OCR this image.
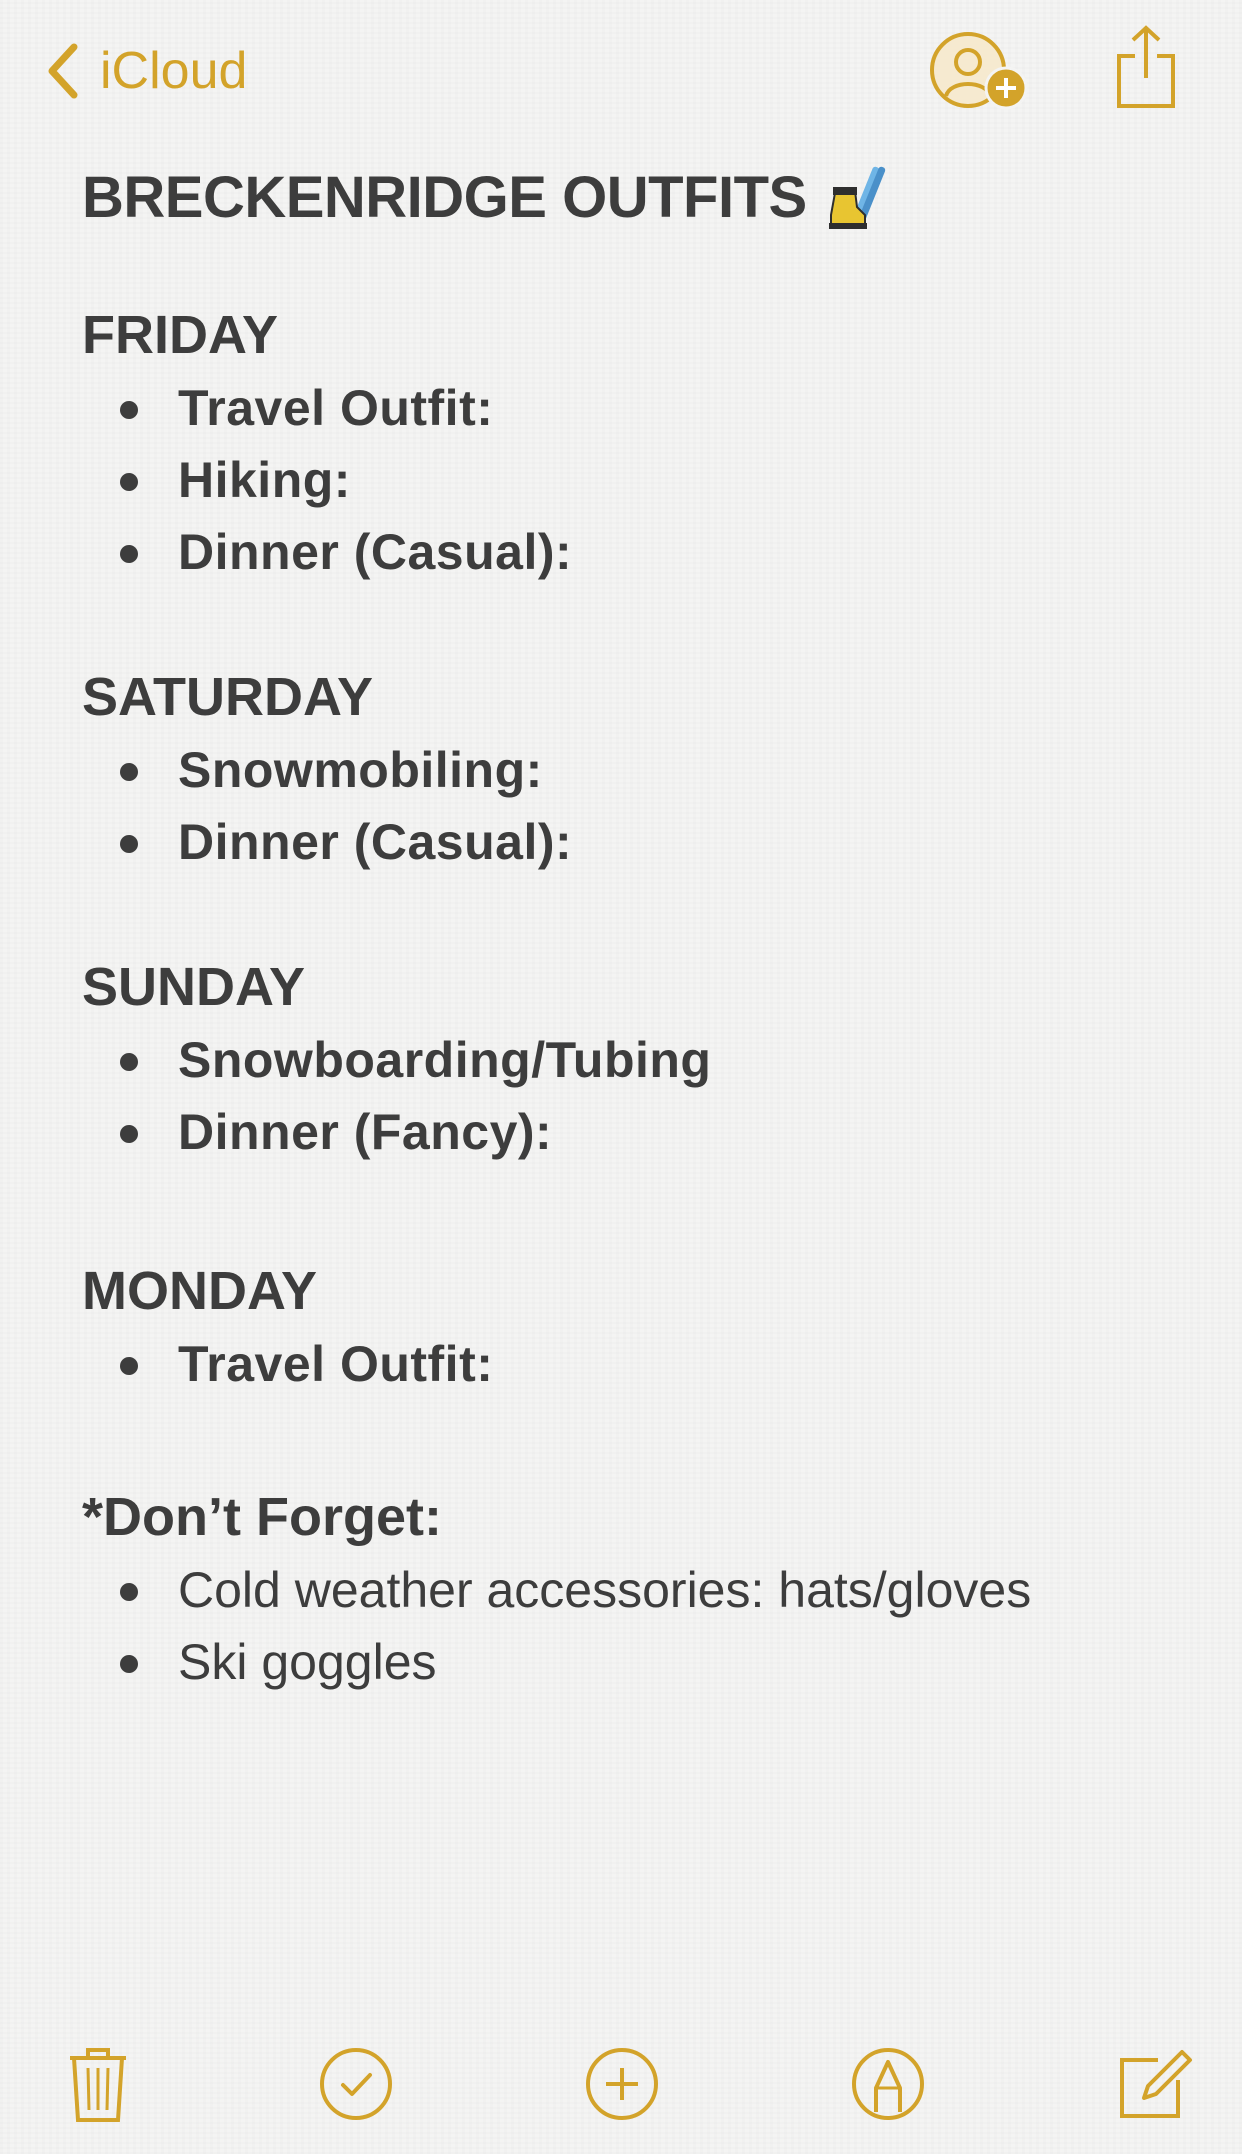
iCloud
BRECKENRIDGE OUTFITS
FRIDAY
Travel Outfit:
Hiking:
Dinner (Casual):
SATURDAY
Snowmobiling:
Dinner (Casual):
SUNDAY
Snowboarding/Tubing
Dinner (Fancy):
MONDAY
Travel Outfit:
*Don’t Forget:
Cold weather accessories: hats/gloves
Ski goggles
